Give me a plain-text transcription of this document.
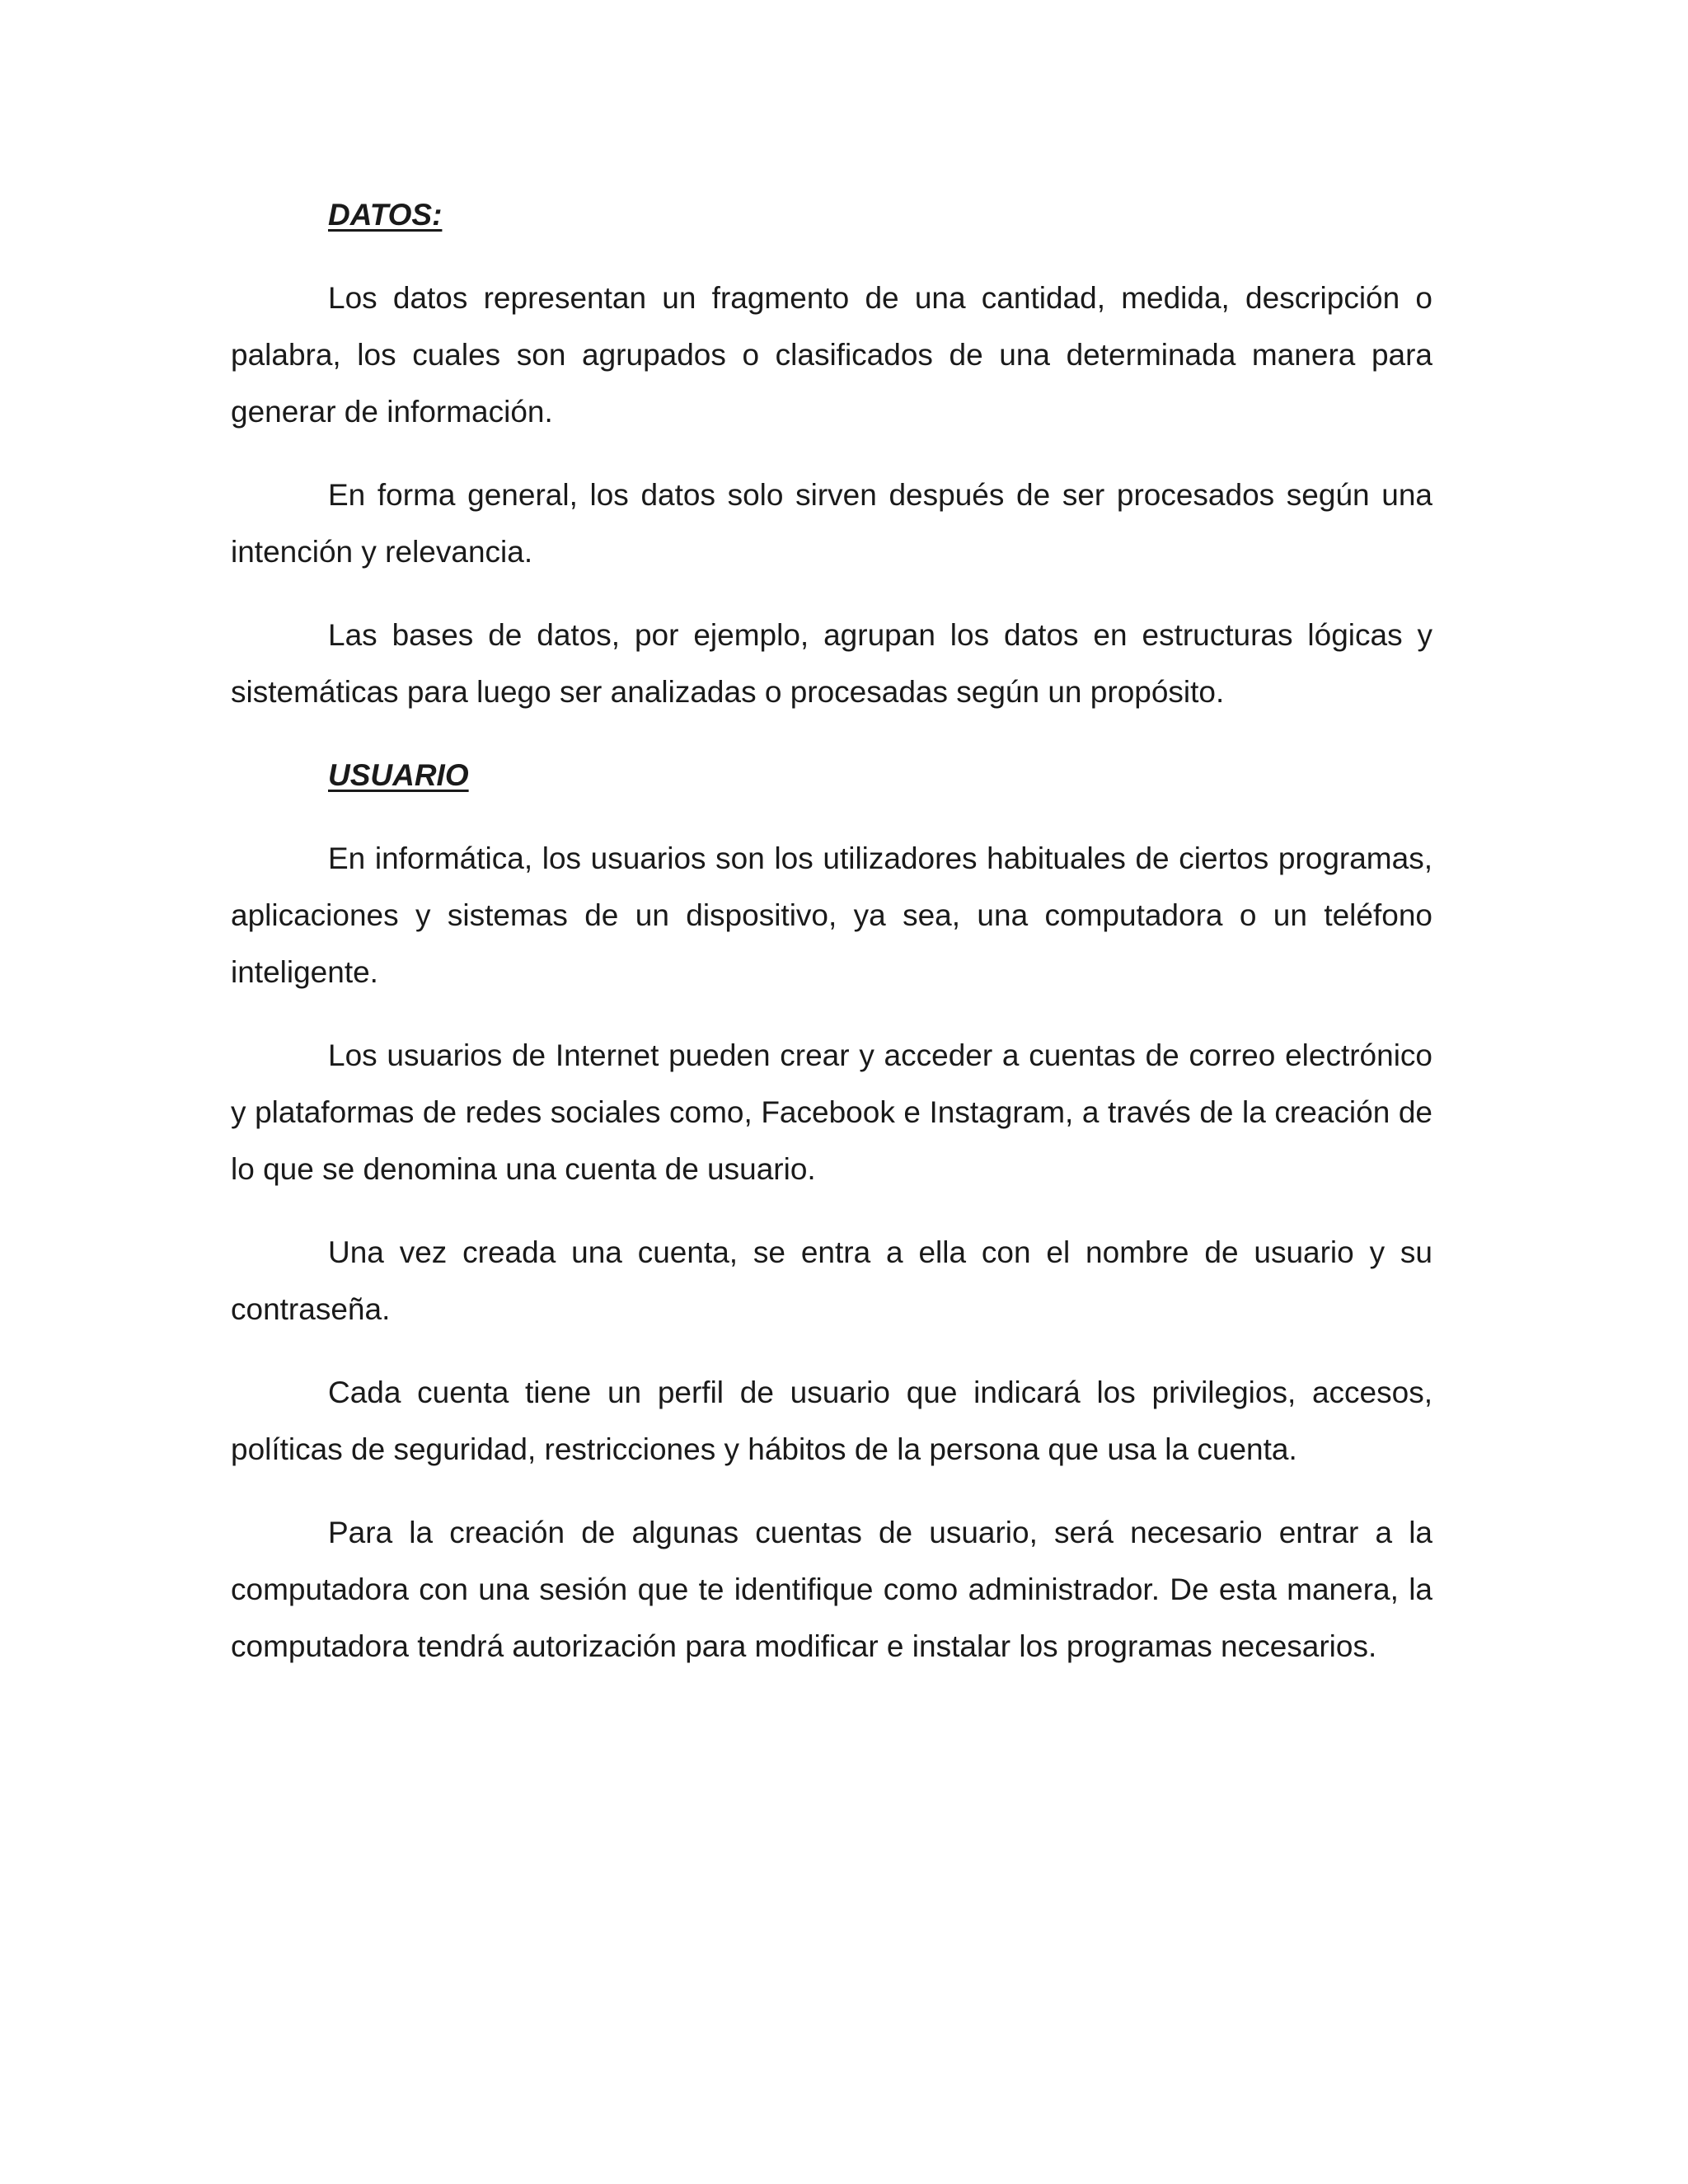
DATOS:

Los datos representan un fragmento de una cantidad, medida, descripción o palabra, los cuales son agrupados o clasificados de una determinada manera para generar de información.

En forma general, los datos solo sirven después de ser procesados según una intención y relevancia.

Las bases de datos, por ejemplo, agrupan los datos en estructuras lógicas y sistemáticas para luego ser analizadas o procesadas según un propósito.

USUARIO

En informática, los usuarios son los utilizadores habituales de ciertos programas, aplicaciones y sistemas de un dispositivo, ya sea, una computadora o un teléfono inteligente.

Los usuarios de Internet pueden crear y acceder a cuentas de correo electrónico y plataformas de redes sociales como, Facebook e Instagram, a través de la creación de lo que se denomina una cuenta de usuario.

Una vez creada una cuenta, se entra a ella con el nombre de usuario y su contraseña.

Cada cuenta tiene un perfil de usuario que indicará los privilegios, accesos, políticas de seguridad, restricciones y hábitos de la persona que usa la cuenta.

Para la creación de algunas cuentas de usuario, será necesario entrar a la computadora con una sesión que te identifique como administrador. De esta manera, la computadora tendrá autorización para modificar e instalar los programas necesarios.
